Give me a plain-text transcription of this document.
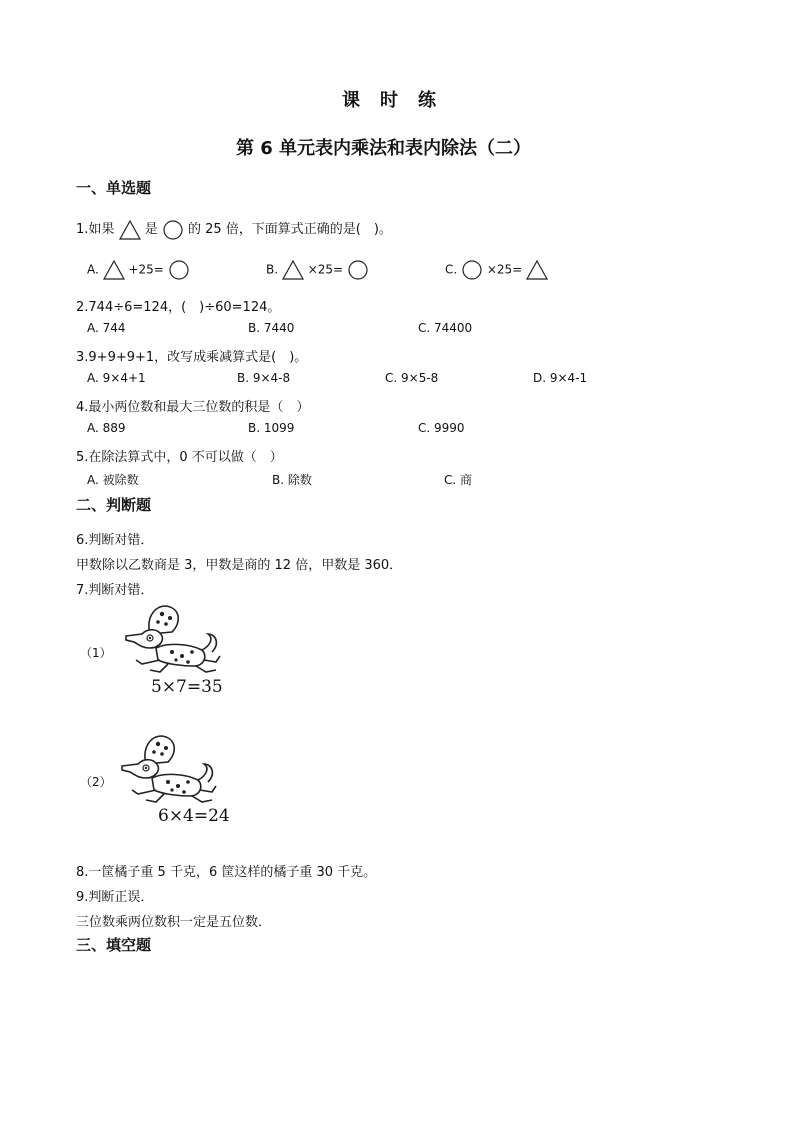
课　时　练
第 6 单元表内乘法和表内除法（二）
一、单选题
1.如果 是 的 25 倍，下面算式正确的是(　)。
A. +25=	B. ×25=	C. ×25=
2.744÷6=124，(　)÷60=124。
A. 744	B. 7440	C. 74400
3.9+9+9+1，改写成乘减算式是(　)。
A. 9×4+1	B. 9×4-8	C. 9×5-8	D. 9×4-1
4.最小两位数和最大三位数的积是（　）
A. 889	B. 1099	C. 9990
5.在除法算式中，0 不可以做（　）
A. 被除数	B. 除数	C. 商
二、判断题
6.判断对错．
甲数除以乙数商是 3，甲数是商的 12 倍，甲数是 360．
7.判断对错．
（1）
5×7=35
（2）
6×4=24
8.一筐橘子重 5 千克，6 筐这样的橘子重 30 千克。
9.判断正误．
三位数乘两位数积一定是五位数．
三、填空题
